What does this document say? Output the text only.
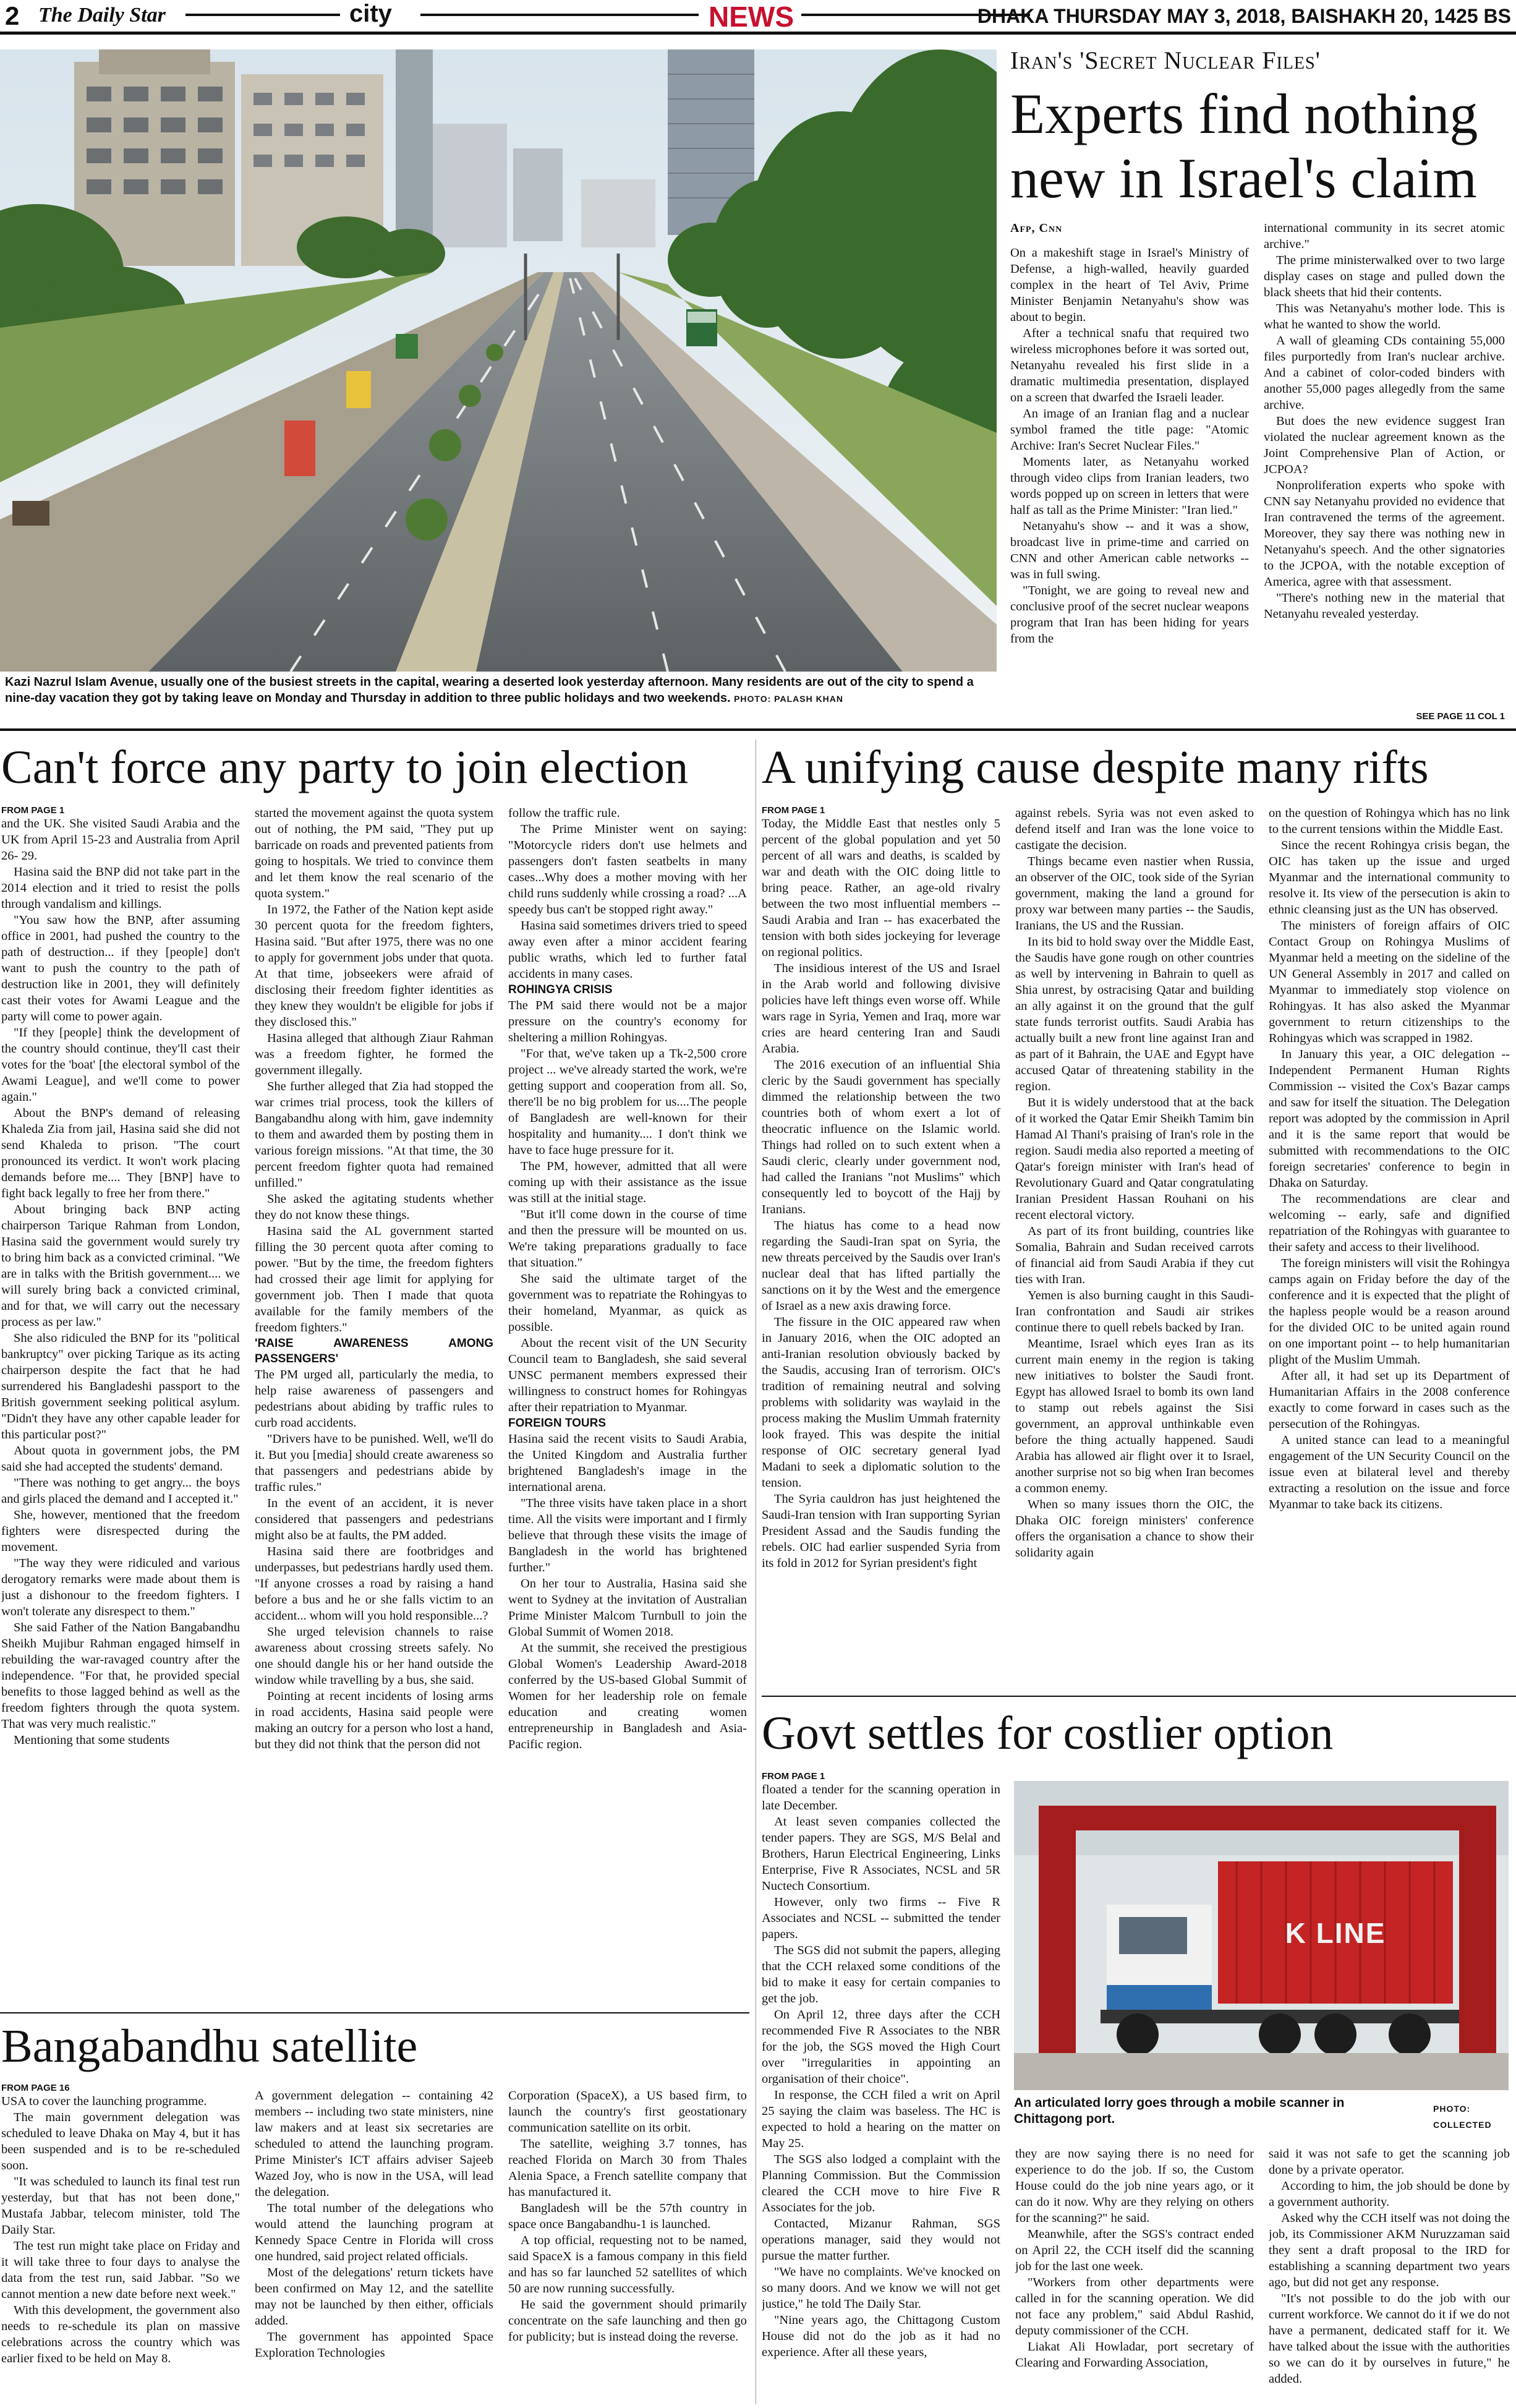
2 The Daily Star	city	NEWS	DHAKA THURSDAY MAY 3, 2018, BAISHAKH 20, 1425 BS
Kazi Nazrul Islam Avenue, usually one of the busiest streets in the capital, wearing a deserted look yesterday afternoon. Many residents are out of the city to spend a nine-day vacation they got by taking leave on Monday and Thursday in addition to three public holidays and two weekends. PHOTO: PALASH KHAN
Iran's 'Secret Nuclear Files'
Experts find nothing
new in Israel's claim
Afp, Cnn

On a makeshift stage in Israel's Ministry of Defense, a high-walled, heavily guarded complex in the heart of Tel Aviv, Prime Minister Benjamin Netanyahu's show was about to begin.

After a technical snafu that required two wireless microphones before it was sorted out, Netanyahu revealed his first slide in a dramatic multimedia presentation, displayed on a screen that dwarfed the Israeli leader.

An image of an Iranian flag and a nuclear symbol framed the title page: "Atomic Archive: Iran's Secret Nuclear Files."

Moments later, as Netanyahu worked through video clips from Iranian leaders, two words popped up on screen in letters that were half as tall as the Prime Minister: "Iran lied."

Netanyahu's show -- and it was a show, broadcast live in prime-time and carried on CNN and other American cable networks -- was in full swing.

"Tonight, we are going to reveal new and conclusive proof of the secret nuclear weapons program that Iran has been hiding for years from the

international community in its secret atomic archive."

The prime ministerwalked over to two large display cases on stage and pulled down the black sheets that hid their contents.

This was Netanyahu's mother lode. This is what he wanted to show the world.

A wall of gleaming CDs containing 55,000 files purportedly from Iran's nuclear archive. And a cabinet of color-coded binders with another 55,000 pages allegedly from the same archive.

But does the new evidence suggest Iran violated the nuclear agreement known as the Joint Comprehensive Plan of Action, or JCPOA?

Nonproliferation experts who spoke with CNN say Netanyahu provided no evidence that Iran contravened the terms of the agreement. Moreover, they say there was nothing new in Netanyahu's speech. And the other signatories to the JCPOA, with the notable exception of America, agree with that assessment.

"There's nothing new in the material that Netanyahu revealed yesterday.

SEE PAGE 11 COL 1
Can't force any party to join election

FROM PAGE 1

and the UK. She visited Saudi Arabia and the UK from April 15-23 and Australia from April 26- 29.

Hasina said the BNP did not take part in the 2014 election and it tried to resist the polls through vandalism and killings.

"You saw how the BNP, after assuming office in 2001, had pushed the country to the path of destruction... if they [people] don't want to push the country to the path of destruction like in 2001, they will definitely cast their votes for Awami League and the party will come to power again.

"If they [people] think the development of the country should continue, they'll cast their votes for the 'boat' [the electoral symbol of the Awami League], and we'll come to power again."

About the BNP's demand of releasing Khaleda Zia from jail, Hasina said she did not send Khaleda to prison. "The court pronounced its verdict. It won't work placing demands before me.... They [BNP] have to fight back legally to free her from there."

About bringing back BNP acting chairperson Tarique Rahman from London, Hasina said the government would surely try to bring him back as a convicted criminal. "We are in talks with the British government.... we will surely bring back a convicted criminal, and for that, we will carry out the necessary process as per law."

She also ridiculed the BNP for its "political bankruptcy" over picking Tarique as its acting chairperson despite the fact that he had surrendered his Bangladeshi passport to the British government seeking political asylum. "Didn't they have any other capable leader for this particular post?"

About quota in government jobs, the PM said she had accepted the students' demand.

"There was nothing to get angry... the boys and girls placed the demand and I accepted it."

She, however, mentioned that the freedom fighters were disrespected during the movement.

"The way they were ridiculed and various derogatory remarks were made about them is just a dishonour to the freedom fighters. I won't tolerate any disrespect to them."

She said Father of the Nation Bangabandhu Sheikh Mujibur Rahman engaged himself in rebuilding the war-ravaged country after the independence. "For that, he provided special benefits to those lagged behind as well as the freedom fighters through the quota system. That was very much realistic."

Mentioning that some students

started the movement against the quota system out of nothing, the PM said, "They put up barricade on roads and prevented patients from going to hospitals. We tried to convince them and let them know the real scenario of the quota system."

In 1972, the Father of the Nation kept aside 30 percent quota for the freedom fighters, Hasina said. "But after 1975, there was no one to apply for government jobs under that quota. At that time, jobseekers were afraid of disclosing their freedom fighter identities as they knew they wouldn't be eligible for jobs if they disclosed this."

Hasina alleged that although Ziaur Rahman was a freedom fighter, he formed the government illegally.

She further alleged that Zia had stopped the war crimes trial process, took the killers of Bangabandhu along with him, gave indemnity to them and awarded them by posting them in various foreign missions. "At that time, the 30 percent freedom fighter quota had remained unfilled."

She asked the agitating students whether they do not know these things.

Hasina said the AL government started filling the 30 percent quota after coming to power. "But by the time, the freedom fighters had crossed their age limit for applying for government job. Then I made that quota available for the family members of the freedom fighters."

'RAISE AWARENESS AMONG PASSENGERS'

The PM urged all, particularly the media, to help raise awareness of passengers and pedestrians about abiding by traffic rules to curb road accidents.

"Drivers have to be punished. Well, we'll do it. But you [media] should create awareness so that passengers and pedestrians abide by traffic rules."

In the event of an accident, it is never considered that passengers and pedestrians might also be at faults, the PM added.

Hasina said there are footbridges and underpasses, but pedestrians hardly used them. "If anyone crosses a road by raising a hand before a bus and he or she falls victim to an accident... whom will you hold responsible...?

She urged television channels to raise awareness about crossing streets safely. No one should dangle his or her hand outside the window while travelling by a bus, she said.

Pointing at recent incidents of losing arms in road accidents, Hasina said people were making an outcry for a person who lost a hand, but they did not think that the person did not

follow the traffic rule.

The Prime Minister went on saying: "Motorcycle riders don't use helmets and passengers don't fasten seatbelts in many cases...Why does a mother moving with her child runs suddenly while crossing a road? ...A speedy bus can't be stopped right away."

Hasina said sometimes drivers tried to speed away even after a minor accident fearing public wraths, which led to further fatal accidents in many cases.

ROHINGYA CRISIS

The PM said there would not be a major pressure on the country's economy for sheltering a million Rohingyas.

"For that, we've taken up a Tk-2,500 crore project ... we've already started the work, we're getting support and cooperation from all. So, there'll be no big problem for us....The people of Bangladesh are well-known for their hospitality and humanity.... I don't think we have to face huge pressure for it.

The PM, however, admitted that all were coming up with their assistance as the issue was still at the initial stage.

"But it'll come down in the course of time and then the pressure will be mounted on us. We're taking preparations gradually to face that situation."

She said the ultimate target of the government was to repatriate the Rohingyas to their homeland, Myanmar, as quick as possible.

About the recent visit of the UN Security Council team to Bangladesh, she said several UNSC permanent members expressed their willingness to construct homes for Rohingyas after their repatriation to Myanmar.

FOREIGN TOURS

Hasina said the recent visits to Saudi Arabia, the United Kingdom and Australia further brightened Bangladesh's image in the international arena.

"The three visits have taken place in a short time. All the visits were important and I firmly believe that through these visits the image of Bangladesh in the world has brightened further."

On her tour to Australia, Hasina said she went to Sydney at the invitation of Australian Prime Minister Malcom Turnbull to join the Global Summit of Women 2018.

At the summit, she received the prestigious Global Women's Leadership Award-2018 conferred by the US-based Global Summit of Women for her leadership role on female education and creating women entrepreneurship in Bangladesh and Asia-Pacific region.

A unifying cause despite many rifts

FROM PAGE 1

Today, the Middle East that nestles only 5 percent of the global population and yet 50 percent of all wars and deaths, is scalded by war and death with the OIC doing little to bring peace. Rather, an age-old rivalry between the two most influential members -- Saudi Arabia and Iran -- has exacerbated the tension with both sides jockeying for leverage on regional politics.

The insidious interest of the US and Israel in the Arab world and following divisive policies have left things even worse off. While wars rage in Syria, Yemen and Iraq, more war cries are heard centering Iran and Saudi Arabia.

The 2016 execution of an influential Shia cleric by the Saudi government has specially dimmed the relationship between the two countries both of whom exert a lot of theocratic influence on the Islamic world. Things had rolled on to such extent when a Saudi cleric, clearly under government nod, had called the Iranians "not Muslims" which consequently led to boycott of the Hajj by Iranians.

The hiatus has come to a head now regarding the Saudi-Iran spat on Syria, the new threats perceived by the Saudis over Iran's nuclear deal that has lifted partially the sanctions on it by the West and the emergence of Israel as a new axis drawing force.

The fissure in the OIC appeared raw when in January 2016, when the OIC adopted an anti-Iranian resolution obviously backed by the Saudis, accusing Iran of terrorism. OIC's tradition of remaining neutral and solving problems with solidarity was waylaid in the process making the Muslim Ummah fraternity look frayed. This was despite the initial response of OIC secretary general Iyad Madani to seek a diplomatic solution to the tension.

The Syria cauldron has just heightened the Saudi-Iran tension with Iran supporting Syrian President Assad and the Saudis funding the rebels. OIC had earlier suspended Syria from its fold in 2012 for Syrian president's fight

against rebels. Syria was not even asked to defend itself and Iran was the lone voice to castigate the decision.

Things became even nastier when Russia, an observer of the OIC, took side of the Syrian government, making the land a ground for proxy war between many parties -- the Saudis, Iranians, the US and the Russian.

In its bid to hold sway over the Middle East, the Saudis have gone rough on other countries as well by intervening in Bahrain to quell as Shia unrest, by ostracising Qatar and building an ally against it on the ground that the gulf state funds terrorist outfits. Saudi Arabia has actually built a new front line against Iran and as part of it Bahrain, the UAE and Egypt have accused Qatar of threatening stability in the region.

But it is widely understood that at the back of it worked the Qatar Emir Sheikh Tamim bin Hamad Al Thani's praising of Iran's role in the region. Saudi media also reported a meeting of Qatar's foreign minister with Iran's head of Revolutionary Guard and Qatar congratulating Iranian President Hassan Rouhani on his recent electoral victory.

As part of its front building, countries like Somalia, Bahrain and Sudan received carrots of financial aid from Saudi Arabia if they cut ties with Iran.

Yemen is also burning caught in this Saudi-Iran confrontation and Saudi air strikes continue there to quell rebels backed by Iran.

Meantime, Israel which eyes Iran as its current main enemy in the region is taking new initiatives to bolster the Saudi front. Egypt has allowed Israel to bomb its own land to stamp out rebels against the Sisi government, an approval unthinkable even before the thing actually happened. Saudi Arabia has allowed air flight over it to Israel, another surprise not so big when Iran becomes a common enemy.

When so many issues thorn the OIC, the Dhaka OIC foreign ministers' conference offers the organisation a chance to show their solidarity again

on the question of Rohingya which has no link to the current tensions within the Middle East.

Since the recent Rohingya crisis began, the OIC has taken up the issue and urged Myanmar and the international community to resolve it. Its view of the persecution is akin to ethnic cleansing just as the UN has observed.

The ministers of foreign affairs of OIC Contact Group on Rohingya Muslims of Myanmar held a meeting on the sideline of the UN General Assembly in 2017 and called on Myanmar to immediately stop violence on Rohingyas. It has also asked the Myanmar government to return citizenships to the Rohingyas which was scrapped in 1982.

In January this year, a OIC delegation -- Independent Permanent Human Rights Commission -- visited the Cox's Bazar camps and saw for itself the situation. The Delegation report was adopted by the commission in April and it is the same report that would be submitted with recommendations to the OIC foreign secretaries' conference to begin in Dhaka on Saturday.

The recommendations are clear and welcoming -- early, safe and dignified repatriation of the Rohingyas with guarantee to their safety and access to their livelihood.

The foreign ministers will visit the Rohingya camps again on Friday before the day of the conference and it is expected that the plight of the hapless people would be a reason around for the divided OIC to be united again round on one important point -- to help humanitarian plight of the Muslim Ummah.

After all, it had set up its Department of Humanitarian Affairs in the 2008 conference exactly to come forward in cases such as the persecution of the Rohingyas.

A united stance can lead to a meaningful engagement of the UN Security Council on the issue even at bilateral level and thereby extracting a resolution on the issue and force Myanmar to take back its citizens.

Govt settles for costlier option

FROM PAGE 1

floated a tender for the scanning operation in late December.

At least seven companies collected the tender papers. They are SGS, M/S Belal and Brothers, Harun Electrical Engineering, Links Enterprise, Five R Associates, NCSL and 5R Nuctech Consortium.

However, only two firms -- Five R Associates and NCSL -- submitted the tender papers.

The SGS did not submit the papers, alleging that the CCH relaxed some conditions of the bid to make it easy for certain companies to get the job.

On April 12, three days after the CCH recommended Five R Associates to the NBR for the job, the SGS moved the High Court over "irregularities in appointing an organisation of their choice".

In response, the CCH filed a writ on April 25 saying the claim was baseless. The HC is expected to hold a hearing on the matter on May 25.

The SGS also lodged a complaint with the Planning Commission. But the Commission cleared the CCH move to hire Five R Associates for the job.

Contacted, Mizanur Rahman, SGS operations manager, said they would not pursue the matter further.

"We have no complaints. We've knocked on so many doors. And we know we will not get justice," he told The Daily Star.

"Nine years ago, the Chittagong Custom House did not do the job as it had no experience. After all these years,

K LINE
An articulated lorry goes through a mobile scanner in Chittagong port.
PHOTO: COLLECTED

they are now saying there is no need for experience to do the job. If so, the Custom House could do the job nine years ago, or it can do it now. Why are they relying on others for the scanning?" he said.

Meanwhile, after the SGS's contract ended on April 22, the CCH itself did the scanning job for the last one week.

"Workers from other departments were called in for the scanning operation. We did not face any problem," said Abdul Rashid, deputy commissioner of the CCH.

Liakat Ali Howladar, port secretary of Clearing and Forwarding Association,

said it was not safe to get the scanning job done by a private operator.

According to him, the job should be done by a government authority.

Asked why the CCH itself was not doing the job, its Commissioner AKM Nuruzzaman said they sent a draft proposal to the IRD for establishing a scanning department two years ago, but did not get any response.

"It's not possible to do the job with our current workforce. We cannot do it if we do not have a permanent, dedicated staff for it. We have talked about the issue with the authorities so we can do it by ourselves in future," he added.

Bangabandhu satellite

FROM PAGE 16

USA to cover the launching programme.

The main government delegation was scheduled to leave Dhaka on May 4, but it has been suspended and is to be re-scheduled soon.

"It was scheduled to launch its final test run yesterday, but that has not been done," Mustafa Jabbar, telecom minister, told The Daily Star.

The test run might take place on Friday and it will take three to four days to analyse the data from the test run, said Jabbar. "So we cannot mention a new date before next week."

With this development, the government also needs to re-schedule its plan on massive celebrations across the country which was earlier fixed to be held on May 8.

A government delegation -- containing 42 members -- including two state ministers, nine law makers and at least six secretaries are scheduled to attend the launching program. Prime Minister's ICT affairs adviser Sajeeb Wazed Joy, who is now in the USA, will lead the delegation.

The total number of the delegations who would attend the launching program at Kennedy Space Centre in Florida will cross one hundred, said project related officials.

Most of the delegations' return tickets have been confirmed on May 12, and the satellite may not be launched by then either, officials added.

The government has appointed Space Exploration Technologies

Corporation (SpaceX), a US based firm, to launch the country's first geostationary communication satellite on its orbit.

The satellite, weighing 3.7 tonnes, has reached Florida on March 30 from Thales Alenia Space, a French satellite company that has manufactured it.

Bangladesh will be the 57th country in space once Bangabandhu-1 is launched.

A top official, requesting not to be named, said SpaceX is a famous company in this field and has so far launched 52 satellites of which 50 are now running successfully.

He said the government should primarily concentrate on the safe launching and then go for publicity; but is instead doing the reverse.
